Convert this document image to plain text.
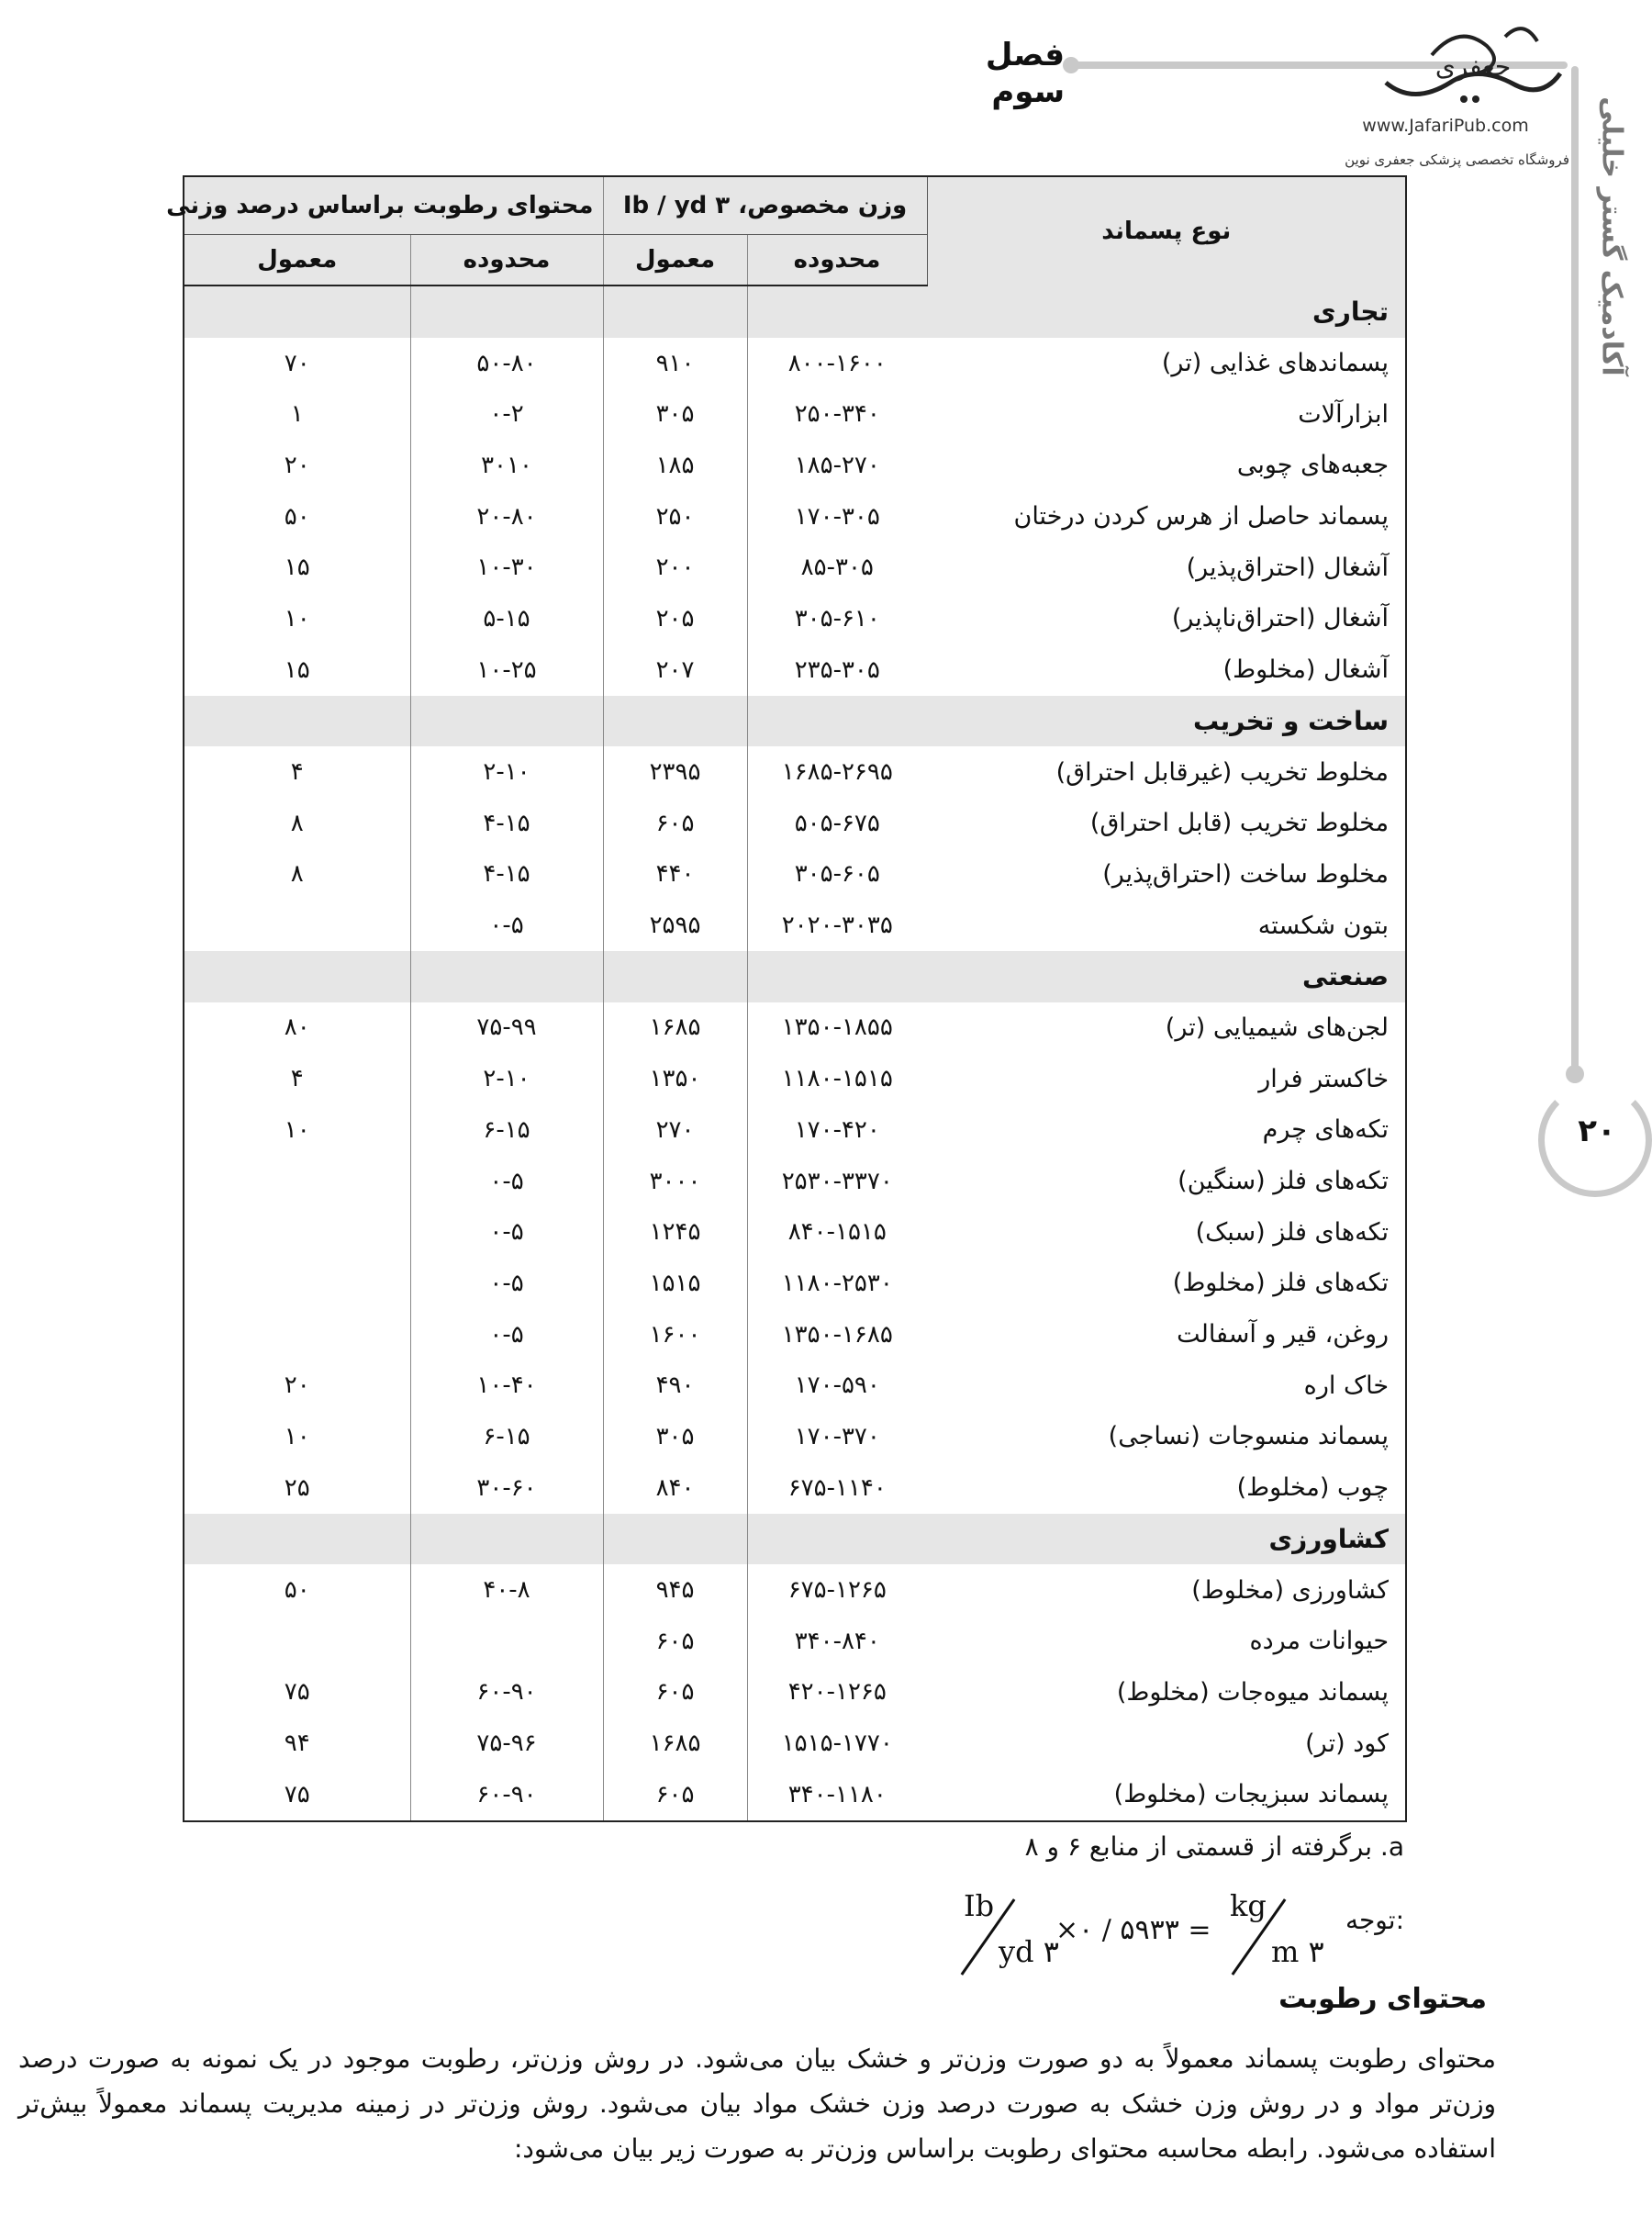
فصل سوم
۲۰
آکادمیک گستر خلیلی
جعفری
www.JafariPub.com
فروشگاه تخصصی پزشکی جعفری نوین
نوع پسماند	وزن مخصوص، Ib / yd ۳		محتوای رطوبت براساس درصد وزنی	
	محدوده	معمول	محدوده	معمول
تجاری				
پسماندهای غذایی (تر)	۸۰۰-۱۶۰۰	۹۱۰	۵۰-۸۰	۷۰
ابزارآلات	۲۵۰-۳۴۰	۳۰۵	۰-۲	۱
جعبه‌های چوبی	۱۸۵-۲۷۰	۱۸۵	۳۰۱۰	۲۰
پسماند حاصل از هرس کردن درختان	۱۷۰-۳۰۵	۲۵۰	۲۰-۸۰	۵۰
آشغال (احتراق‌پذیر)	۸۵-۳۰۵	۲۰۰	۱۰-۳۰	۱۵
آشغال (احتراق‌ناپذیر)	۳۰۵-۶۱۰	۲۰۵	۵-۱۵	۱۰
آشغال (مخلوط)	۲۳۵-۳۰۵	۲۰۷	۱۰-۲۵	۱۵
ساخت و تخریب				
مخلوط تخریب (غیرقابل احتراق)	۱۶۸۵-۲۶۹۵	۲۳۹۵	۲-۱۰	۴
مخلوط تخریب (قابل احتراق)	۵۰۵-۶۷۵	۶۰۵	۴-۱۵	۸
مخلوط ساخت (احتراق‌پذیر)	۳۰۵-۶۰۵	۴۴۰	۴-۱۵	۸
بتون شکسته	۲۰۲۰-۳۰۳۵	۲۵۹۵	۰-۵	
صنعتی				
لجن‌های شیمیایی (تر)	۱۳۵۰-۱۸۵۵	۱۶۸۵	۷۵-۹۹	۸۰
خاکستر فرار	۱۱۸۰-۱۵۱۵	۱۳۵۰	۲-۱۰	۴
تکه‌های چرم	۱۷۰-۴۲۰	۲۷۰	۶-۱۵	۱۰
تکه‌های فلز (سنگین)	۲۵۳۰-۳۳۷۰	۳۰۰۰	۰-۵	
تکه‌های فلز (سبک)	۸۴۰-۱۵۱۵	۱۲۴۵	۰-۵	
تکه‌های فلز (مخلوط)	۱۱۸۰-۲۵۳۰	۱۵۱۵	۰-۵	
روغن، قیر و آسفالت	۱۳۵۰-۱۶۸۵	۱۶۰۰	۰-۵	
خاک اره	۱۷۰-۵۹۰	۴۹۰	۱۰-۴۰	۲۰
پسماند منسوجات (نساجی)	۱۷۰-۳۷۰	۳۰۵	۶-۱۵	۱۰
چوب (مخلوط)	۶۷۵-۱۱۴۰	۸۴۰	۳۰-۶۰	۲۵
کشاورزی				
کشاورزی (مخلوط)	۶۷۵-۱۲۶۵	۹۴۵	۴۰-۸	۵۰
حیوانات مرده	۳۴۰-۸۴۰	۶۰۵		
پسماند میوه‌جات (مخلوط)	۴۲۰-۱۲۶۵	۶۰۵	۶۰-۹۰	۷۵
کود (تر)	۱۵۱۵-۱۷۷۰	۱۶۸۵	۷۵-۹۶	۹۴
پسماند سبزیجات (مخلوط)	۳۴۰-۱۱۸۰	۶۰۵	۶۰-۹۰	۷۵
a. برگرفته از قسمتی از منابع ۶ و ۸
توجه:
kg
m ۳
×۰ / ۵۹۳۳ =
Ib
yd ۳
محتوای رطوبت
محتوای رطوبت پسماند معمولاً به دو صورت وزن‌تر و خشک بیان می‌شود. در روش وزن‌تر، رطوبت موجود در یک نمونه به صورت درصد وزن‌تر مواد و در روش وزن خشک به صورت درصد وزن خشک مواد بیان می‌شود. روش وزن‌تر در زمینه مدیریت پسماند معمولاً بیش‌تر استفاده می‌شود. رابطه محاسبه محتوای رطوبت براساس وزن‌تر به صورت زیر بیان می‌شود:
